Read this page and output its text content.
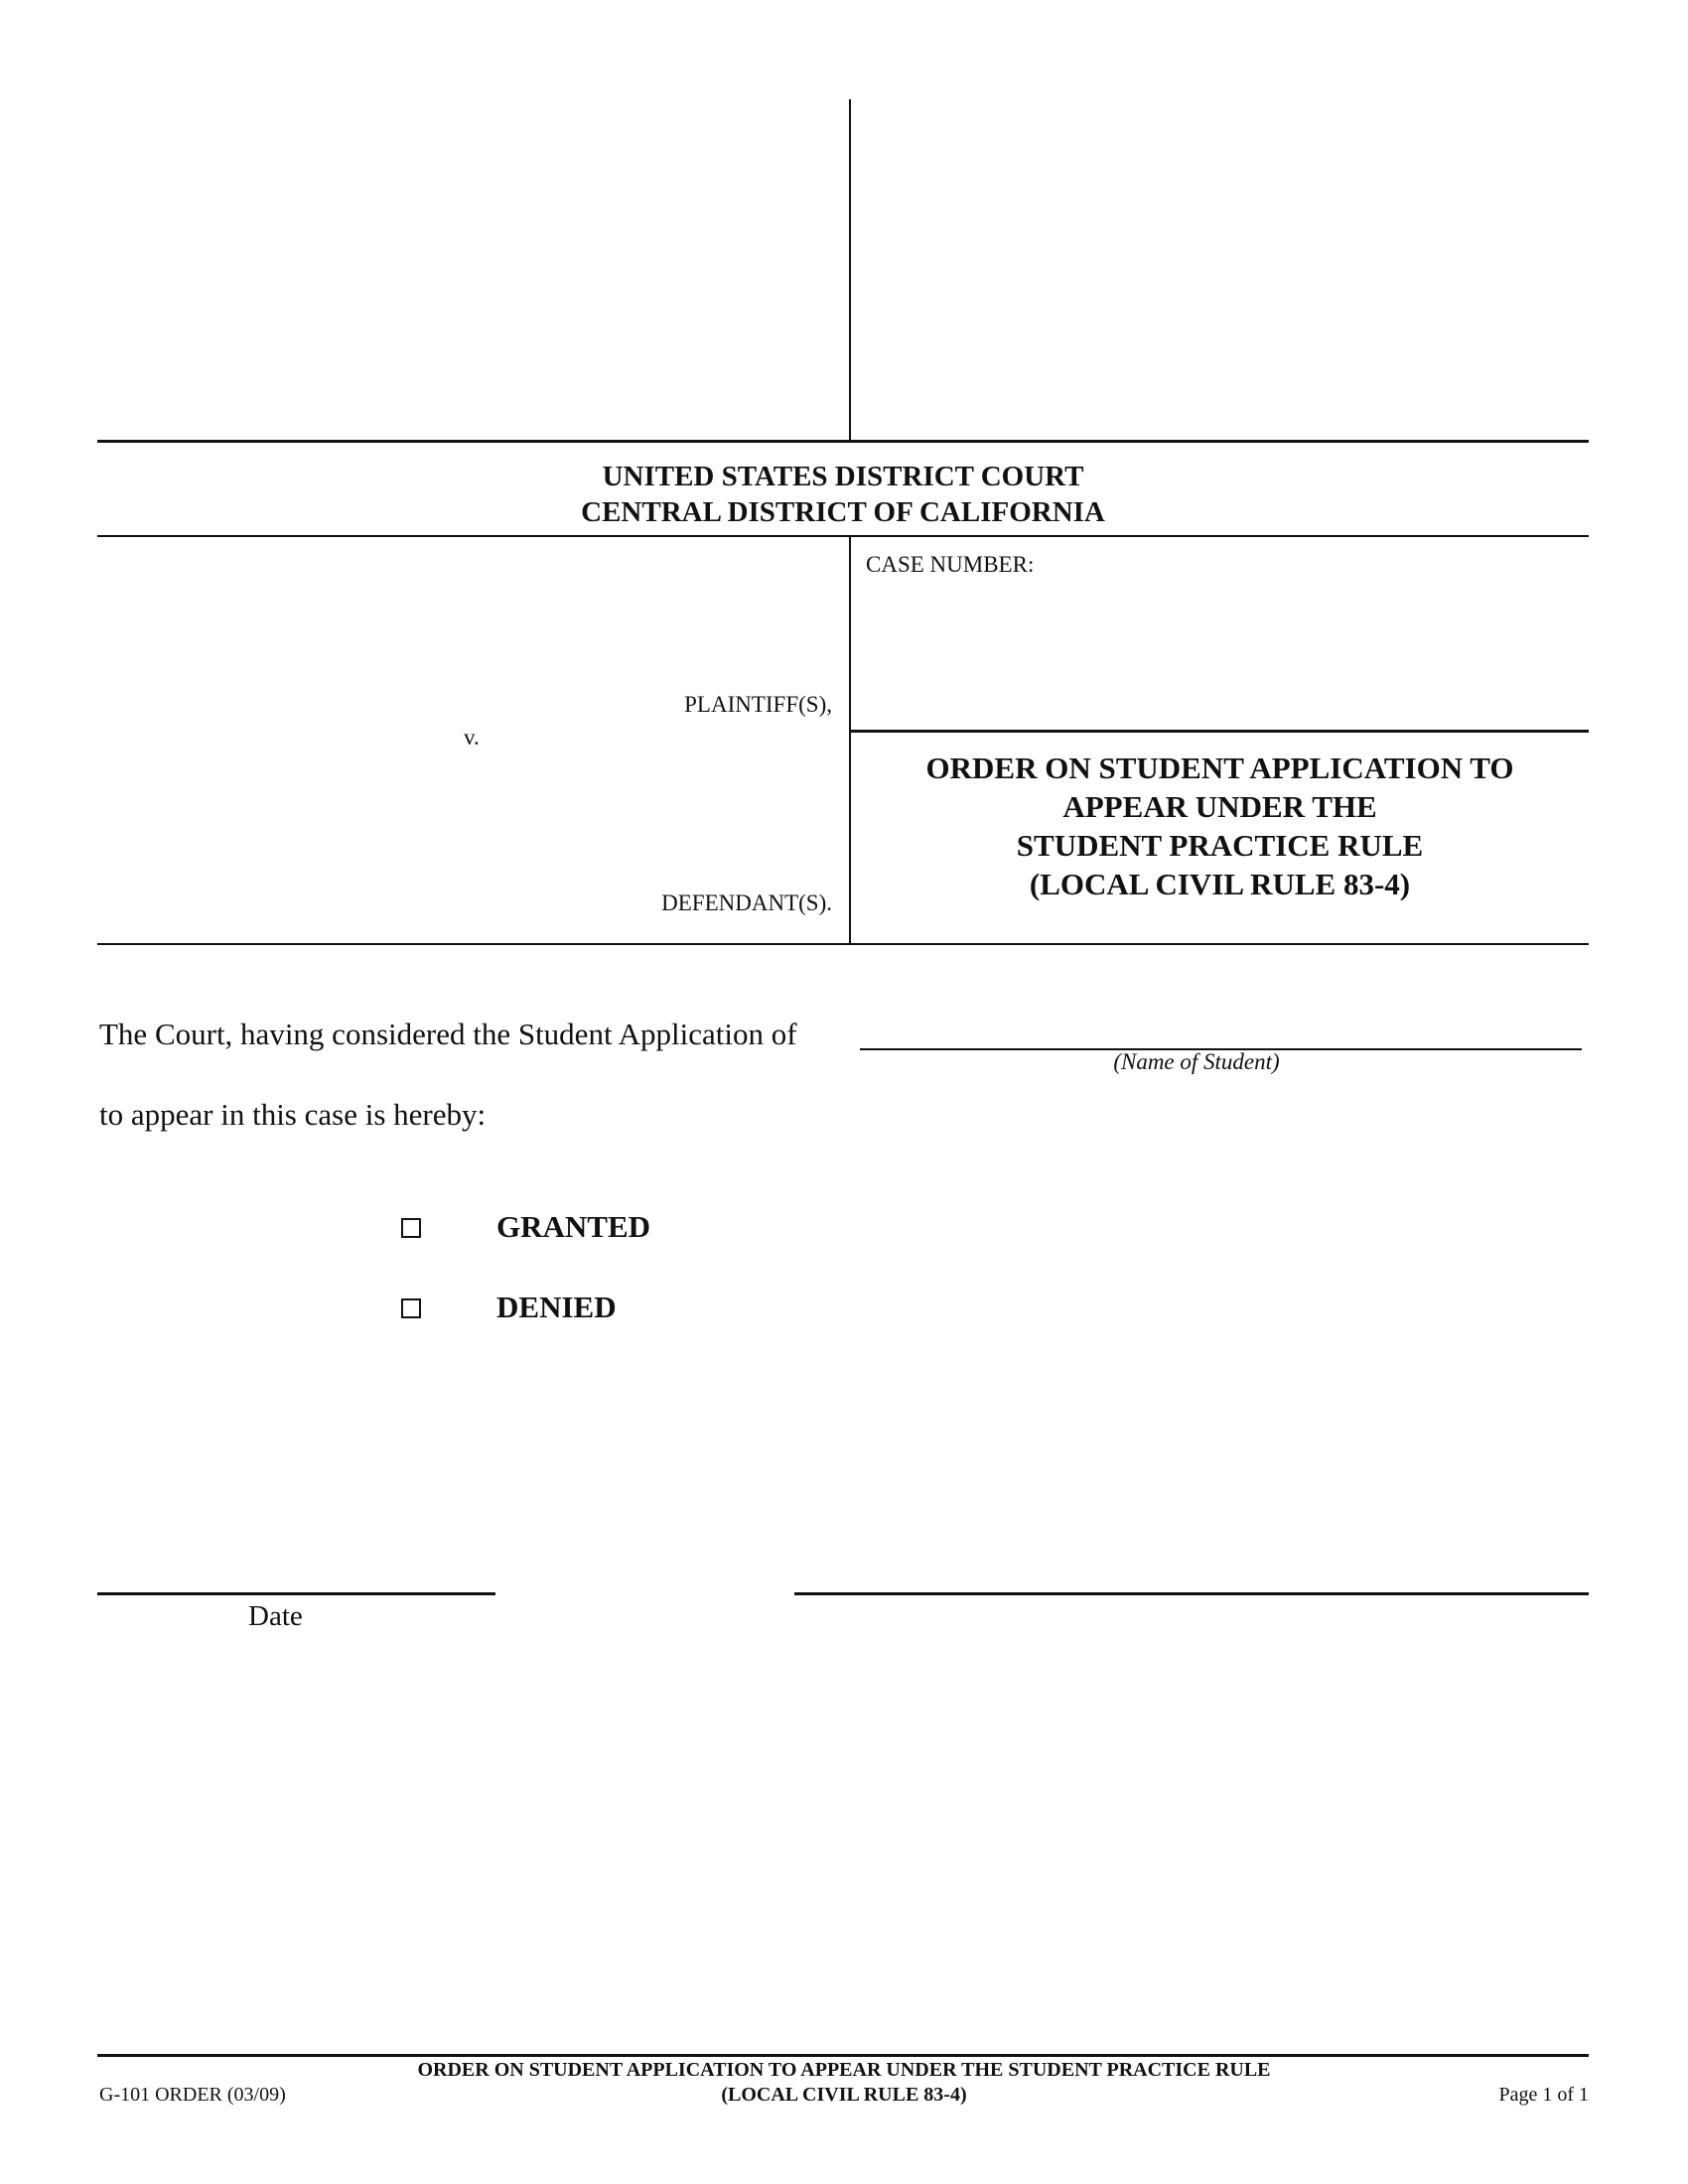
UNITED STATES DISTRICT COURT
CENTRAL DISTRICT OF CALIFORNIA
CASE NUMBER:
PLAINTIFF(S),
v.
DEFENDANT(S).
ORDER ON STUDENT APPLICATION TO
APPEAR UNDER THE
STUDENT PRACTICE RULE
(LOCAL CIVIL RULE 83-4)
The Court, having considered the Student Application of
(Name of Student)
to appear in this case is hereby:
GRANTED
DENIED
Date
ORDER ON STUDENT APPLICATION TO APPEAR UNDER THE STUDENT PRACTICE RULE
(LOCAL CIVIL RULE 83-4)
G-101 ORDER (03/09)	Page 1 of 1
